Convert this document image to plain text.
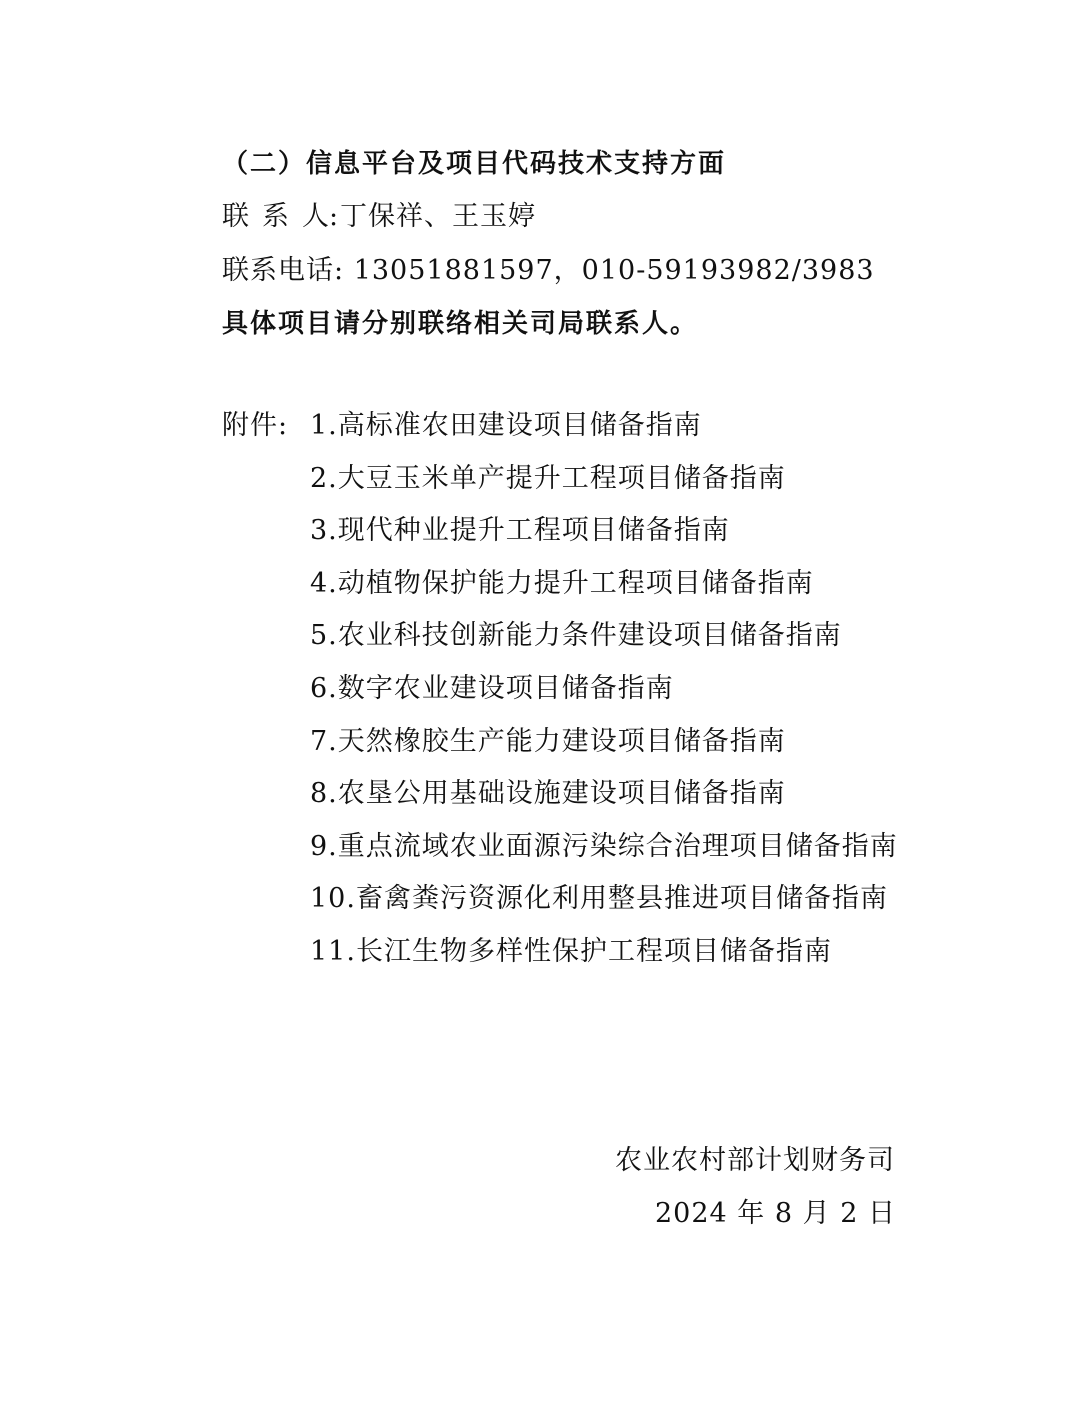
（二）信息平台及项目代码技术支持方面
联 系 人:丁保祥、王玉婷
联系电话: 13051881597，010-59193982/3983
具体项目请分别联络相关司局联系人。
附件: 1.高标准农田建设项目储备指南
2.大豆玉米单产提升工程项目储备指南
3.现代种业提升工程项目储备指南
4.动植物保护能力提升工程项目储备指南
5.农业科技创新能力条件建设项目储备指南
6.数字农业建设项目储备指南
7.天然橡胶生产能力建设项目储备指南
8.农垦公用基础设施建设项目储备指南
9.重点流域农业面源污染综合治理项目储备指南
10.畜禽粪污资源化利用整县推进项目储备指南
11.长江生物多样性保护工程项目储备指南
农业农村部计划财务司
2024 年 8 月 2 日
